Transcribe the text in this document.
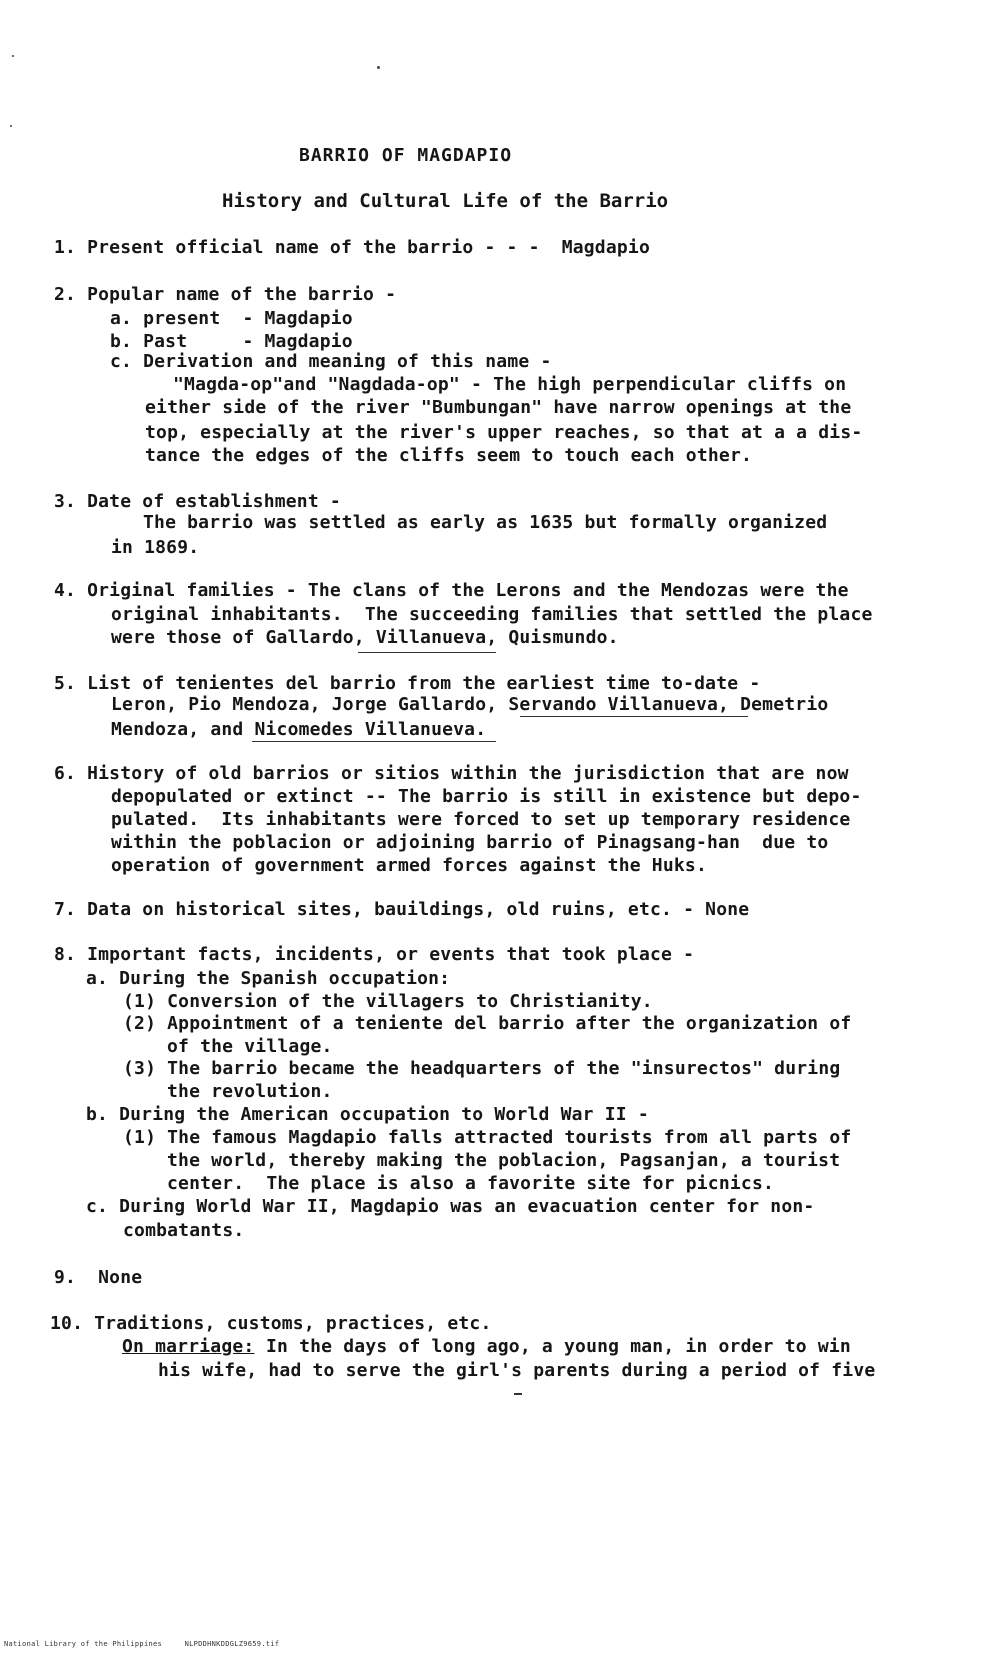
BARRIO OF MAGDAPIO
History and Cultural Life of the Barrio
1. Present official name of the barrio - - -  Magdapio
2. Popular name of the barrio -
a. present  - Magdapio
b. Past     - Magdapio
c. Derivation and meaning of this name -
"Magda-op"and "Nagdada-op" - The high perpendicular cliffs on
either side of the river "Bumbungan" have narrow openings at the
top, especially at the river's upper reaches, so that at a a dis-
tance the edges of the cliffs seem to touch each other.
3. Date of establishment -
The barrio was settled as early as 1635 but formally organized
in 1869.
4. Original families - The clans of the Lerons and the Mendozas were the
original inhabitants.  The succeeding families that settled the place
were those of Gallardo, Villanueva, Quismundo.
5. List of tenientes del barrio from the earliest time to-date -
Leron, Pio Mendoza, Jorge Gallardo, Servando Villanueva, Demetrio
Mendoza, and Nicomedes Villanueva.
6. History of old barrios or sitios within the jurisdiction that are now
depopulated or extinct -- The barrio is still in existence but depo-
pulated.  Its inhabitants were forced to set up temporary residence
within the poblacion or adjoining barrio of Pinagsang-han  due to
operation of government armed forces against the Huks.
7. Data on historical sites, bauildings, old ruins, etc. - None
8. Important facts, incidents, or events that took place -
a. During the Spanish occupation:
(1) Conversion of the villagers to Christianity.
(2) Appointment of a teniente del barrio after the organization of
of the village.
(3) The barrio became the headquarters of the "insurectos" during
the revolution.
b. During the American occupation to World War II -
(1) The famous Magdapio falls attracted tourists from all parts of
the world, thereby making the poblacion, Pagsanjan, a tourist
center.  The place is also a favorite site for picnics.
c. During World War II, Magdapio was an evacuation center for non-
combatants.
9.  None
10. Traditions, customs, practices, etc.
On marriage: In the days of long ago, a young man, in order to win
his wife, had to serve the girl's parents during a period of five
National Library of the Philippines     NLPDDHNKDDGLZ9659.tif
